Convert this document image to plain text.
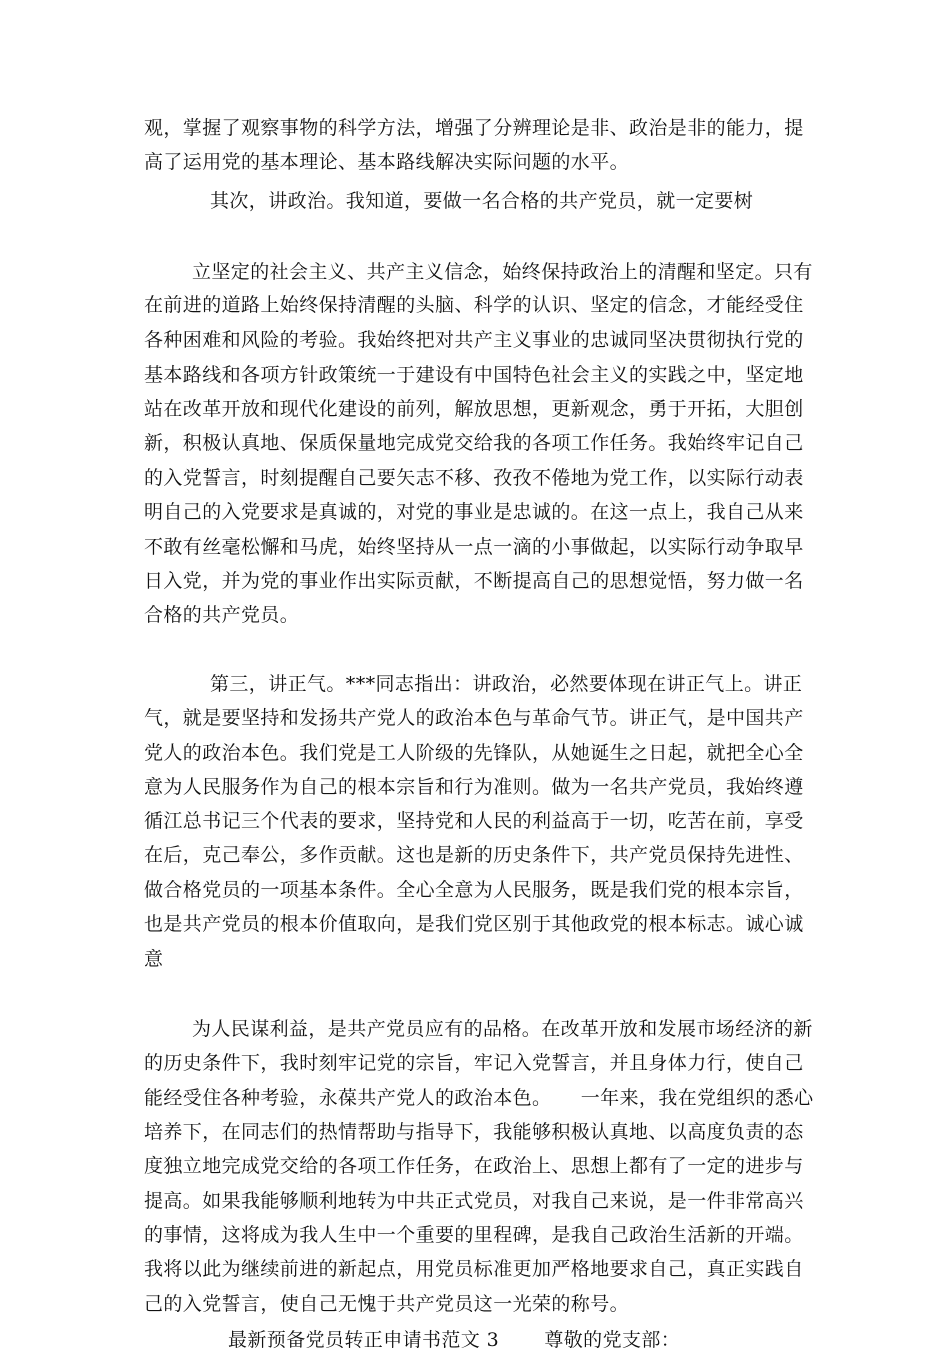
观，掌握了观察事物的科学方法，增强了分辨理论是非、政治是非的能力，提
高了运用党的基本理论、基本路线解决实际问题的水平。
其次，讲政治。我知道，要做一名合格的共产党员，就一定要树
立坚定的社会主义、共产主义信念，始终保持政治上的清醒和坚定。只有
在前进的道路上始终保持清醒的头脑、科学的认识、坚定的信念，才能经受住
各种困难和风险的考验。我始终把对共产主义事业的忠诚同坚决贯彻执行党的
基本路线和各项方针政策统一于建设有中国特色社会主义的实践之中，坚定地
站在改革开放和现代化建设的前列，解放思想，更新观念，勇于开拓，大胆创
新，积极认真地、保质保量地完成党交给我的各项工作任务。我始终牢记自己
的入党誓言，时刻提醒自己要矢志不移、孜孜不倦地为党工作，以实际行动表
明自己的入党要求是真诚的，对党的事业是忠诚的。在这一点上，我自己从来
不敢有丝毫松懈和马虎，始终坚持从一点一滴的小事做起，以实际行动争取早
日入党，并为党的事业作出实际贡献，不断提高自己的思想觉悟，努力做一名
合格的共产党员。
第三，讲正气。***同志指出：讲政治，必然要体现在讲正气上。讲正
气，就是要坚持和发扬共产党人的政治本色与革命气节。讲正气，是中国共产
党人的政治本色。我们党是工人阶级的先锋队，从她诞生之日起，就把全心全
意为人民服务作为自己的根本宗旨和行为准则。做为一名共产党员，我始终遵
循江总书记三个代表的要求，坚持党和人民的利益高于一切，吃苦在前，享受
在后，克己奉公，多作贡献。这也是新的历史条件下，共产党员保持先进性、
做合格党员的一项基本条件。全心全意为人民服务，既是我们党的根本宗旨，
也是共产党员的根本价值取向，是我们党区别于其他政党的根本标志。诚心诚
意
为人民谋利益，是共产党员应有的品格。在改革开放和发展市场经济的新
的历史条件下，我时刻牢记党的宗旨，牢记入党誓言，并且身体力行，使自己
能经受住各种考验，永葆共产党人的政治本色。　　一年来，我在党组织的悉心
培养下，在同志们的热情帮助与指导下，我能够积极认真地、以高度负责的态
度独立地完成党交给的各项工作任务，在政治上、思想上都有了一定的进步与
提高。如果我能够顺利地转为中共正式党员，对我自己来说，是一件非常高兴
的事情，这将成为我人生中一个重要的里程碑，是我自己政治生活新的开端。
我将以此为继续前进的新起点，用党员标准更加严格地要求自己，真正实践自
己的入党誓言，使自己无愧于共产党员这一光荣的称号。
最新预备党员转正申请书范文 3　　 尊敬的党支部：
